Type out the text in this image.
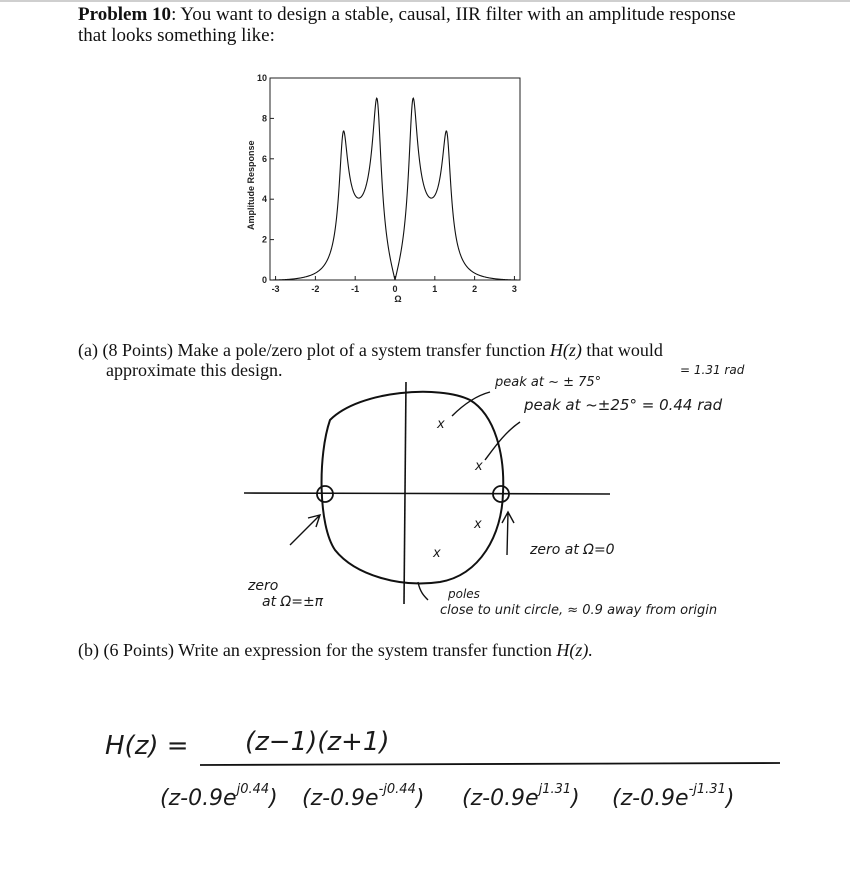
Problem 10: You want to design a stable, causal, IIR filter with an amplitude response
that looks something like:
0
2
4
6
8
10
-3	-2	-1	0	1	2	3
Amplitude Response
Ω
(a) (8 Points) Make a pole/zero plot of a system transfer function H(z) that would
approximate this design.
x
x
x
x
peak at ~ ± 75°
= 1.31 rad
peak at ~±25° = 0.44 rad
zero at Ω=0
zero
at Ω=±π	poles
close to unit circle, ≈ 0.9 away from origin
(b) (6 Points) Write an expression for the system transfer function H(z).
H(z) = (z−1)(z+1)
$(z-0.9e^{j0.44})$ $(z-0.9e^{-j0.44})$ $(z-0.9e^{j1.31})$ $(z-0.9e^{-j1.31})$
